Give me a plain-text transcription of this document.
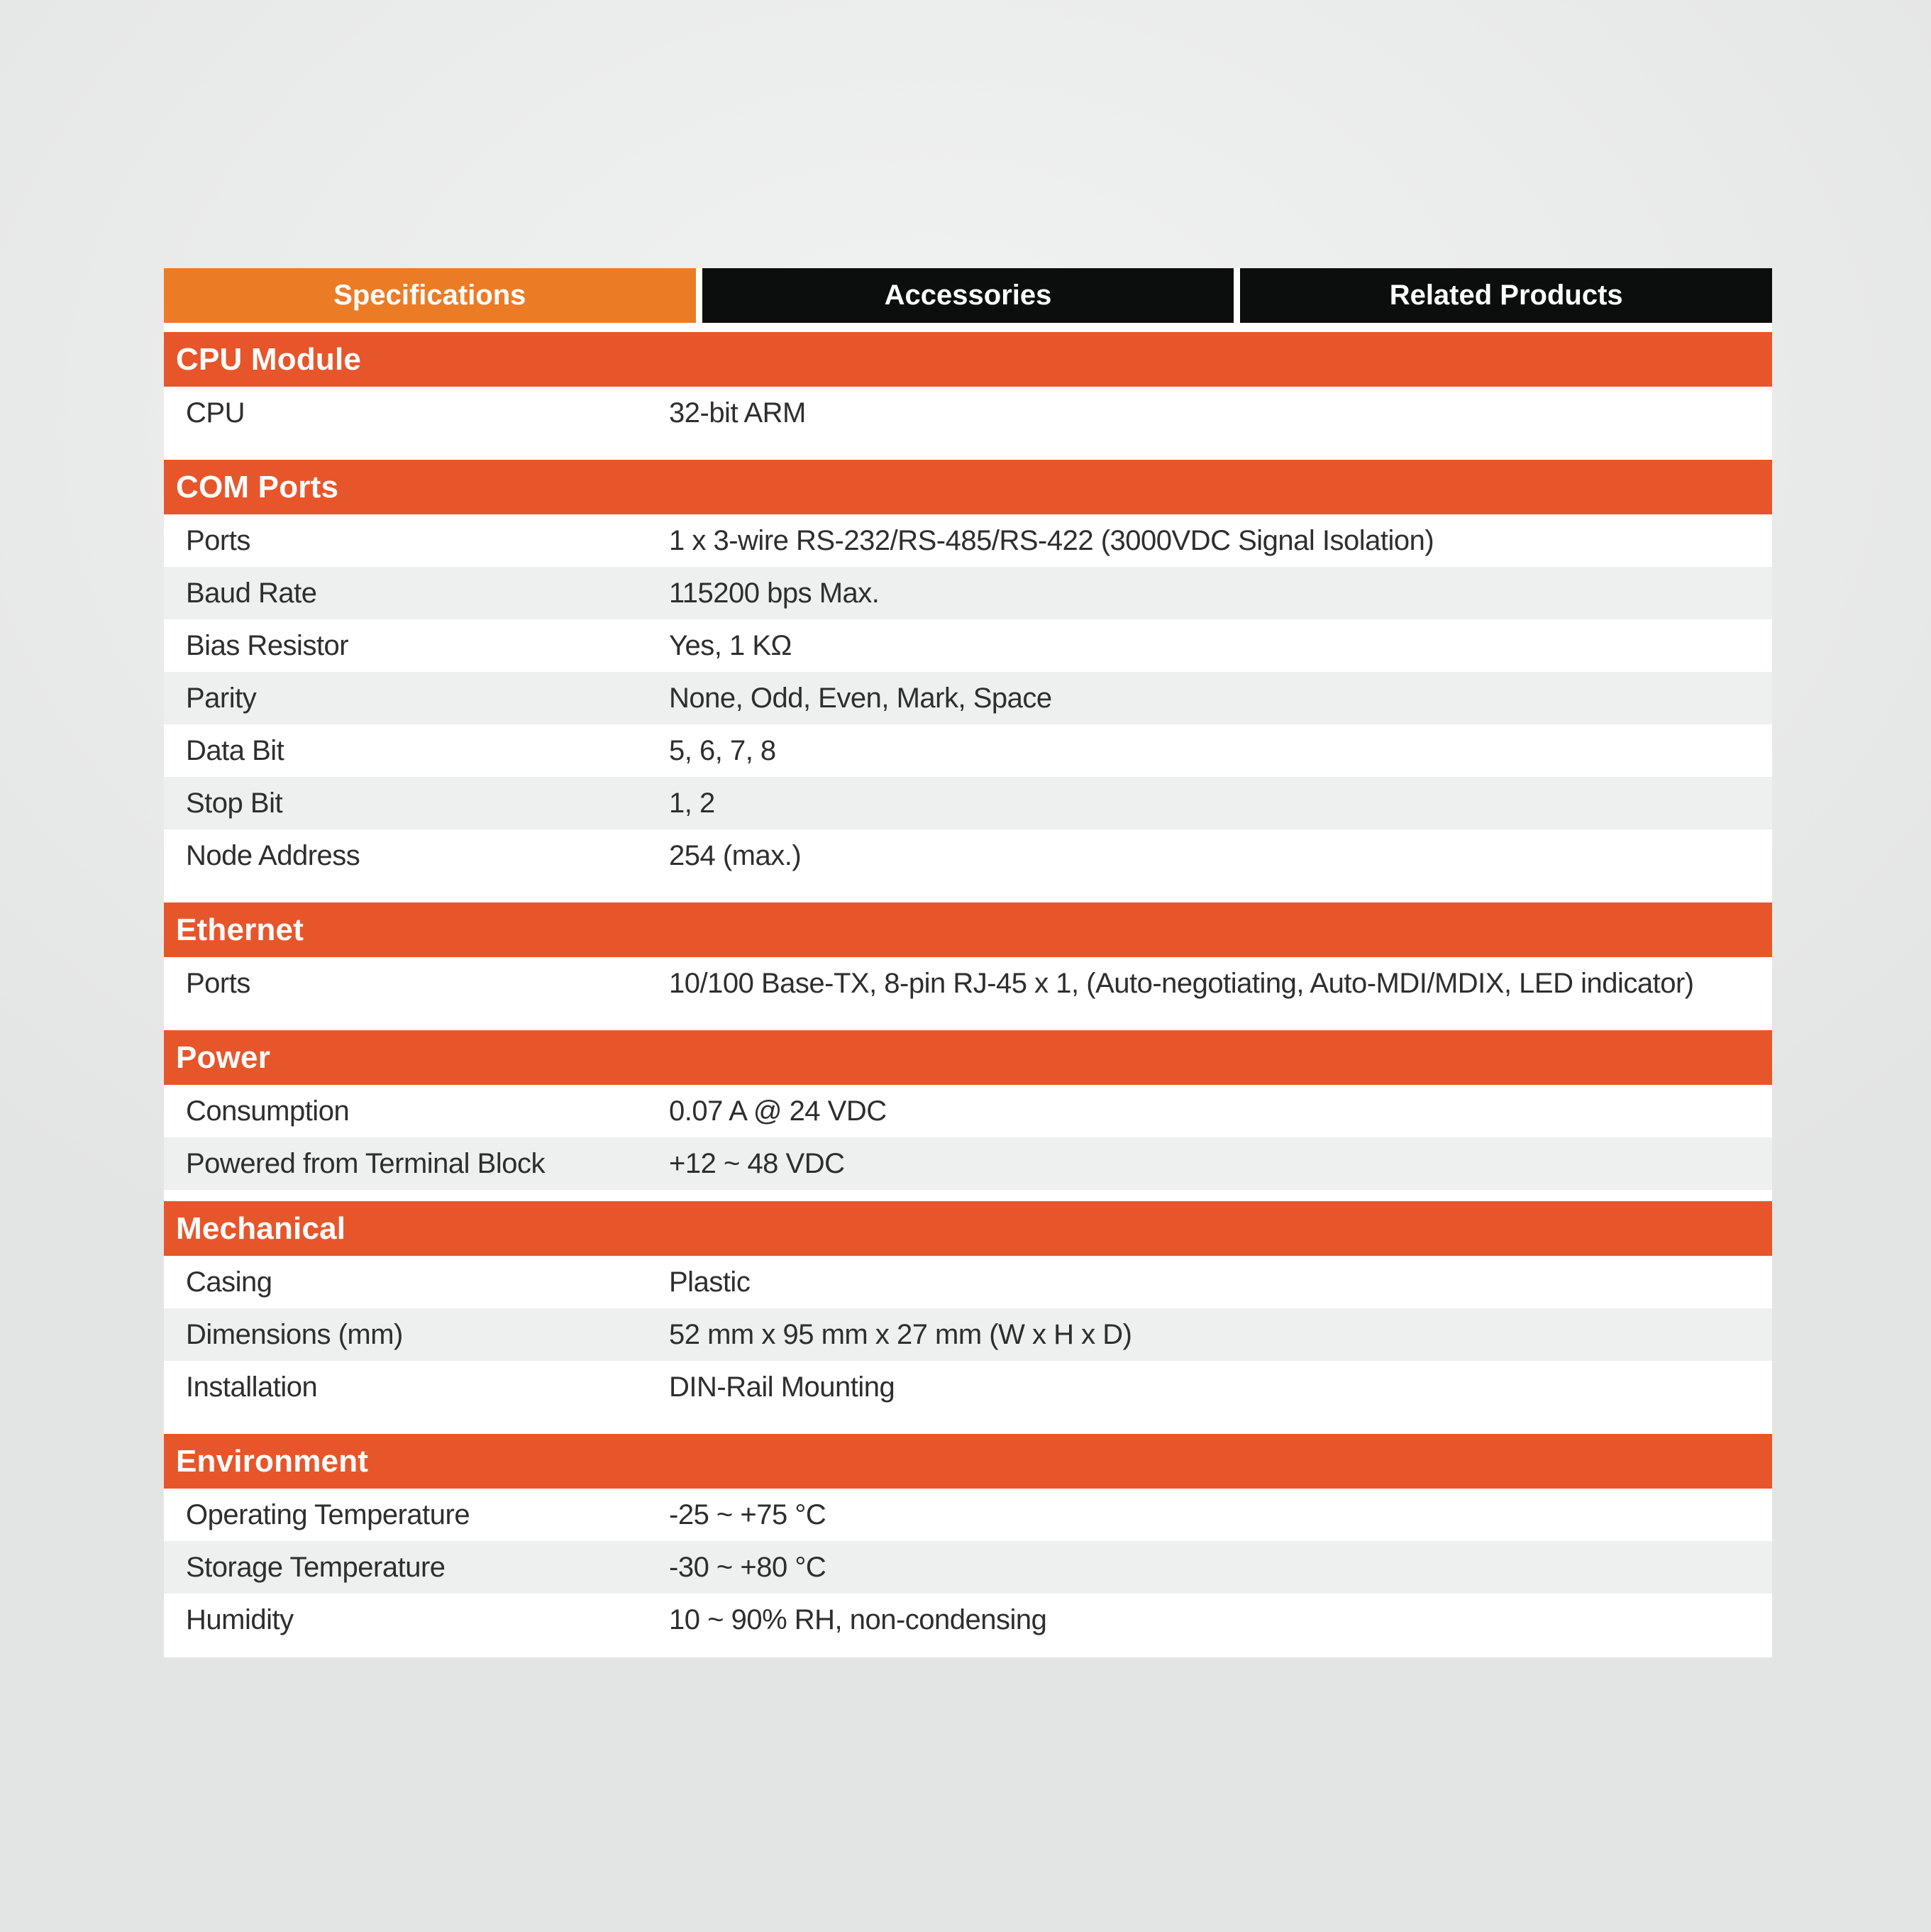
Specifications	Accessories	Related Products
CPU Module
CPU	32-bit ARM
COM Ports
Ports	1 x 3-wire RS-232/RS-485/RS-422 (3000VDC Signal Isolation)
Baud Rate	115200 bps Max.
Bias Resistor	Yes, 1 KΩ
Parity	None, Odd, Even, Mark, Space
Data Bit	5, 6, 7, 8
Stop Bit	1, 2
Node Address	254 (max.)
Ethernet
Ports	10/100 Base-TX, 8-pin RJ-45 x 1, (Auto-negotiating, Auto-MDI/MDIX, LED indicator)
Power
Consumption	0.07 A @ 24 VDC
Powered from Terminal Block	+12 ~ 48 VDC
Mechanical
Casing	Plastic
Dimensions (mm)	52 mm x 95 mm x 27 mm (W x H x D)
Installation	DIN-Rail Mounting
Environment
Operating Temperature	-25 ~ +75 °C
Storage Temperature	-30 ~ +80 °C
Humidity	10 ~ 90% RH, non-condensing
